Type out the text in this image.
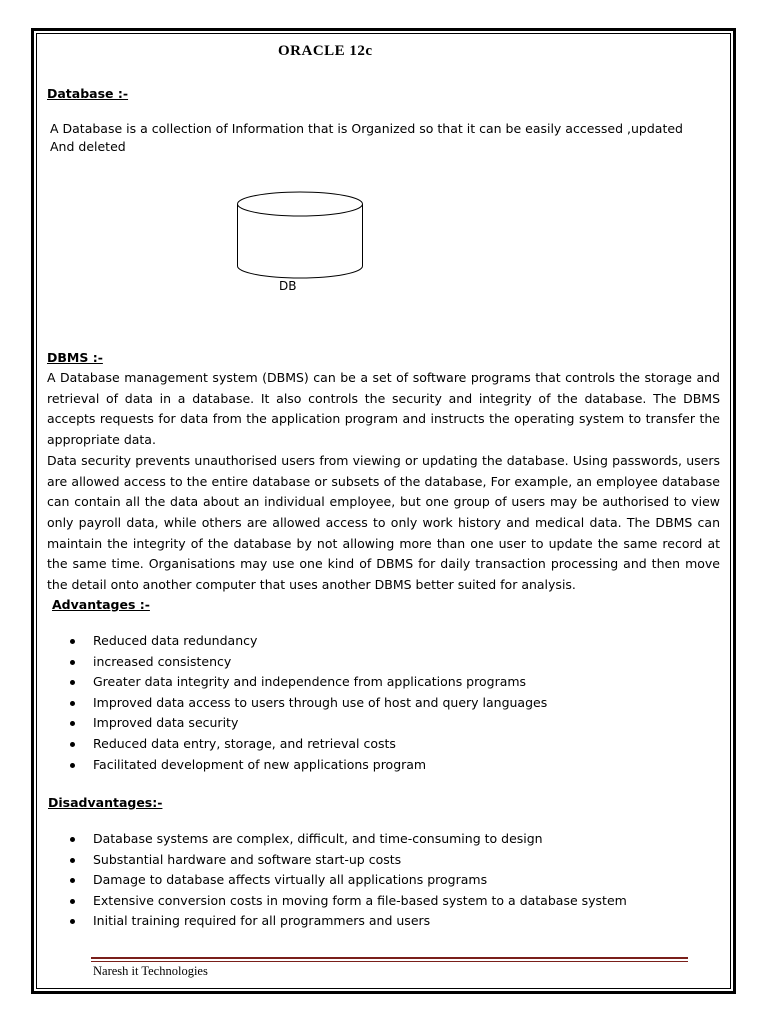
ORACLE 12c
Database :-
A Database is a collection of Information that is Organized so that it can be easily accessed ,updated
And deleted
DB
DBMS :-

A Database management system (DBMS) can be a set of software programs that controls the storage and retrieval of data in a database. It also controls the security and integrity of the database. The DBMS accepts requests for data from the application program and instructs the operating system to transfer the appropriate data.

Data security prevents unauthorised users from viewing or updating the database. Using passwords, users are allowed access to the entire database or subsets of the database, For example, an employee database can contain all the data about an individual employee, but one group of users may be authorised to view only payroll data, while others are allowed access to only work history and medical data. The DBMS can maintain the integrity of the database by not allowing more than one user to update the same record at the same time. Organisations may use one kind of DBMS for daily transaction processing and then move the detail onto another computer that uses another DBMS better suited for analysis.

Advantages :-
Reduced data redundancy
increased consistency
Greater data integrity and independence from applications programs
Improved data access to users through use of host and query languages
Improved data security
Reduced data entry, storage, and retrieval costs
Facilitated development of new applications program
Disadvantages:-
Database systems are complex, difficult, and time-consuming to design
Substantial hardware and software start-up costs
Damage to database affects virtually all applications programs
Extensive conversion costs in moving form a file-based system to a database system
Initial training required for all programmers and users
Naresh it Technologies
